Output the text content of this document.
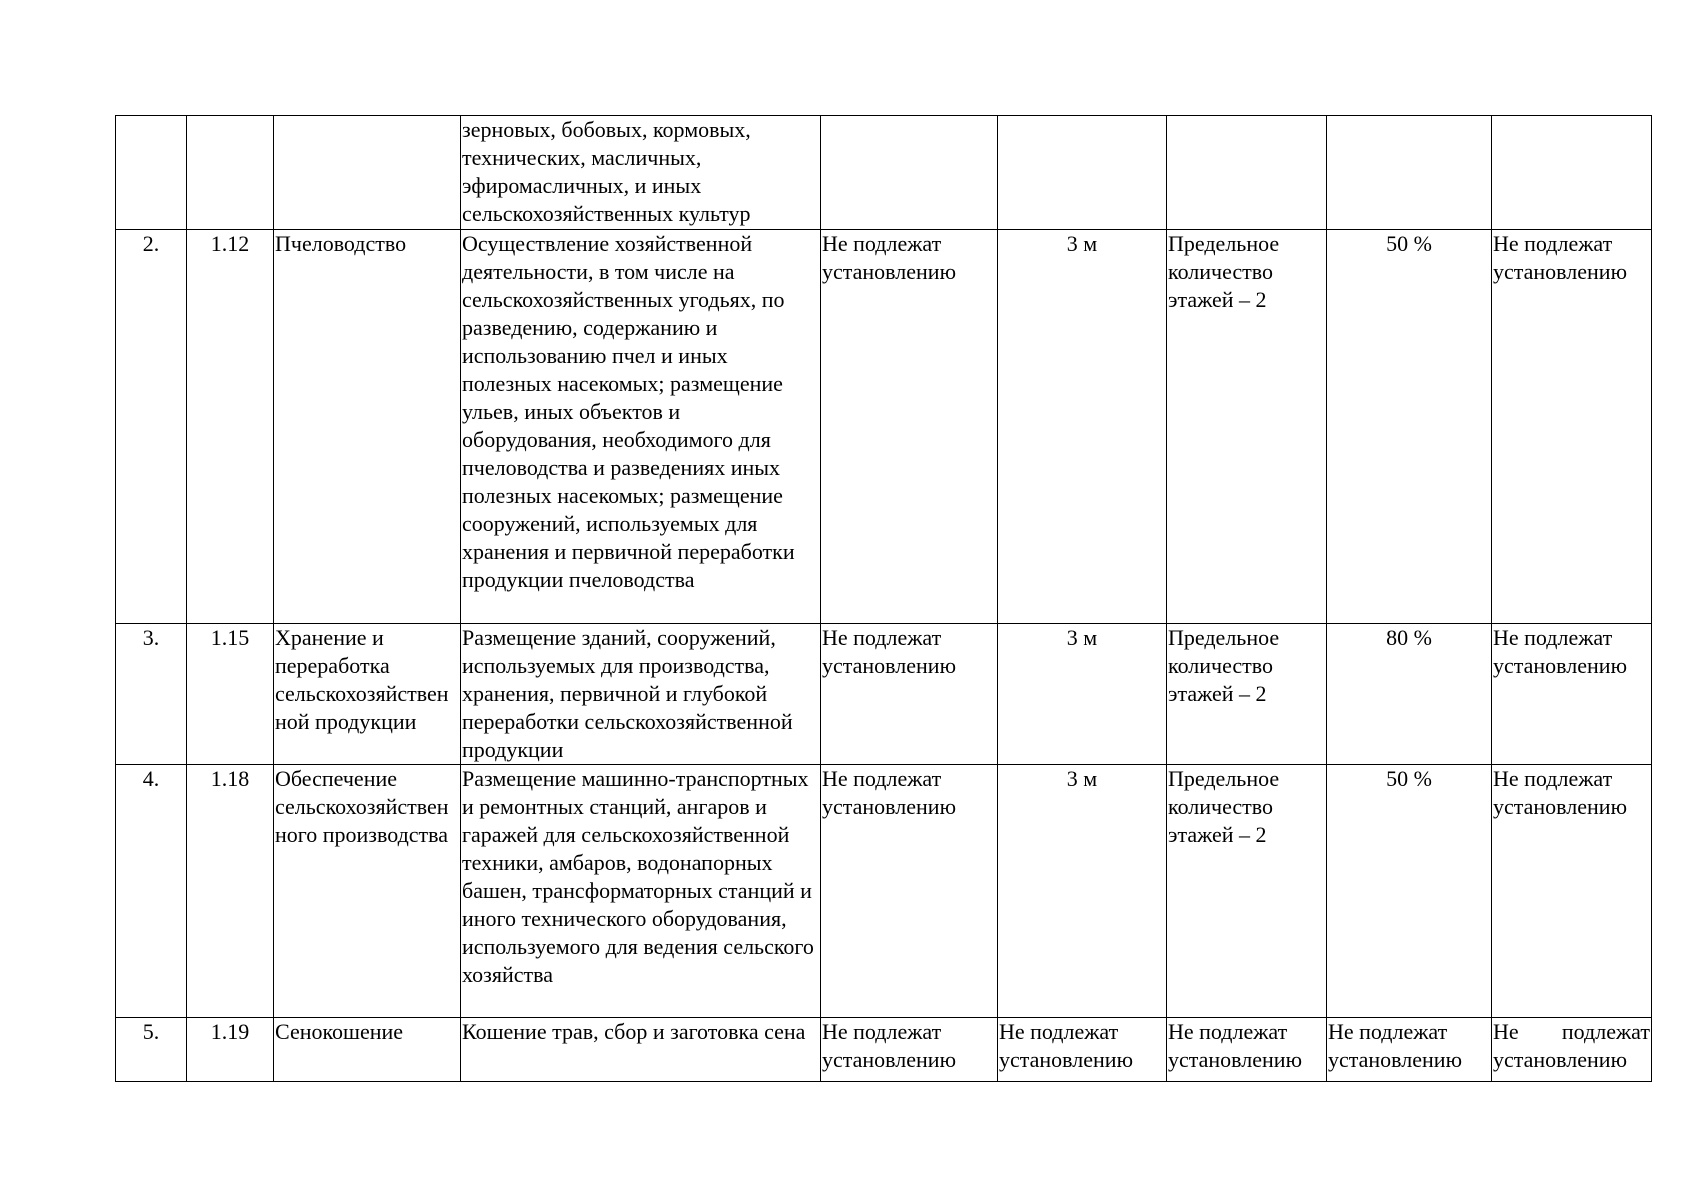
			зерновых, бобовых, кормовых, технических, масличных, эфиромасличных, и иных сельскохозяйственных культур					

2.	1.12	Пчеловодство	Осуществление хозяйственной деятельности, в том числе на сельскохозяйственных угодьях, по разведению, содержанию и использованию пчел и иных полезных насекомых; размещение ульев, иных объектов и оборудования, необходимого для пчеловодства и разведениях иных полезных насекомых; размещение сооружений, используемых для хранения и первичной переработки продукции пчеловодства	Не подлежат установлению	3 м	Предельное количество этажей – 2	50 %	Не подлежат установлению

3.	1.15	Хранение и переработка сельскохозяйственной продукции	Размещение зданий, сооружений, используемых для производства, хранения, первичной и глубокой переработки сельскохозяйственной продукции	Не подлежат установлению	3 м	Предельное количество этажей – 2	80 %	Не подлежат установлению

4.	1.18	Обеспечение сельскохозяйственного производства	Размещение машинно-транспортных и ремонтных станций, ангаров и гаражей для сельскохозяйственной техники, амбаров, водонапорных башен, трансформаторных станций и иного технического оборудования, используемого для ведения сельского хозяйства	Не подлежат установлению	3 м	Предельное количество этажей – 2	50 %	Не подлежат установлению

5.	1.19	Сенокошение	Кошение трав, сбор и заготовка сена	Не подлежат установлению	Не подлежат установлению	Не подлежат установлению	Не подлежат установлению	Не подлежат установлению
